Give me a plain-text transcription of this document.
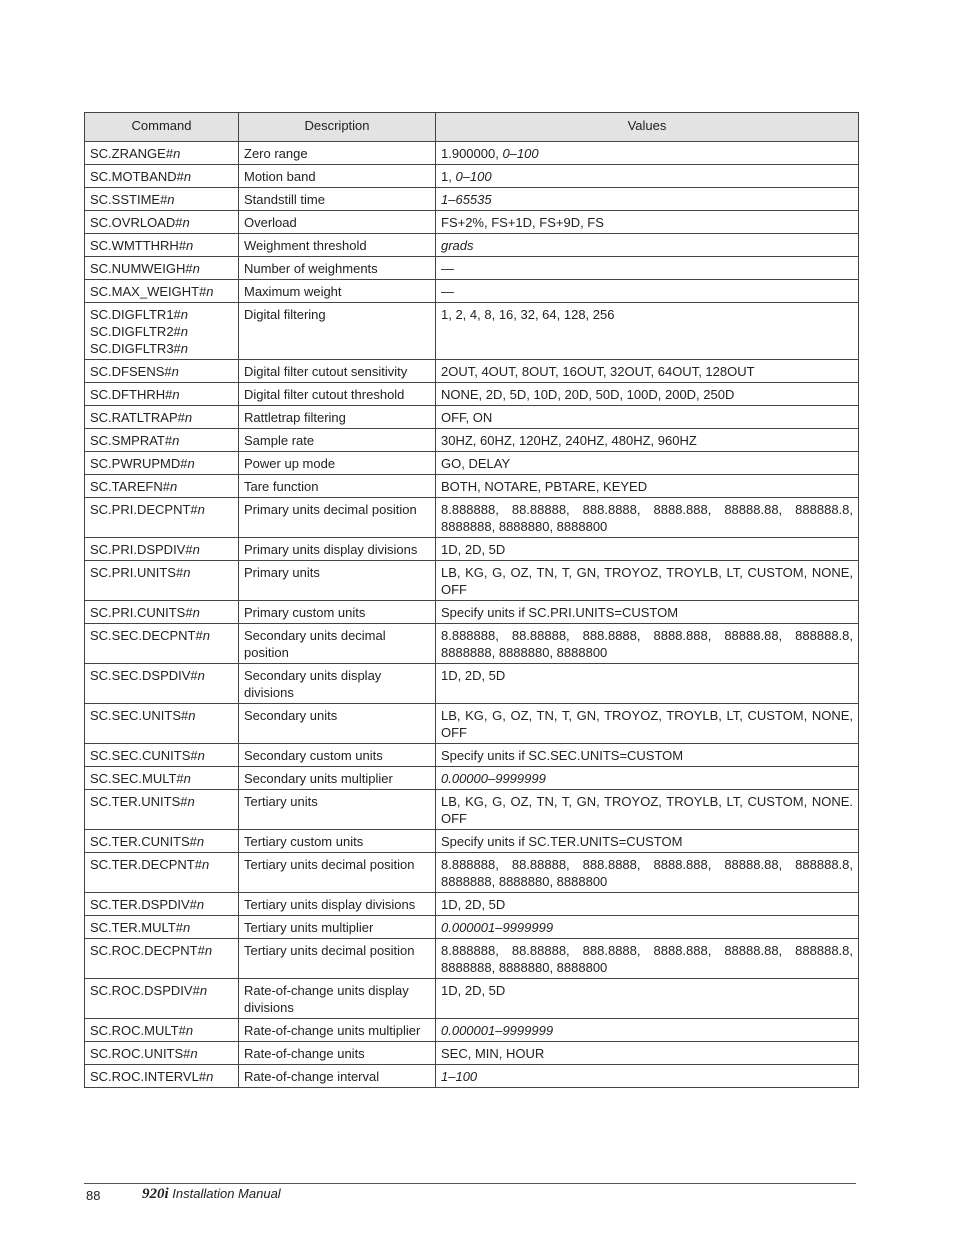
Command	Description	Values

SC.ZRANGE#n	Zero range	1.900000, 0–100

SC.MOTBAND#n	Motion band	1, 0–100

SC.SSTIME#n	Standstill time	1–65535

SC.OVRLOAD#n	Overload	FS+2%, FS+1D, FS+9D, FS

SC.WMTTHRH#n	Weighment threshold	grads

SC.NUMWEIGH#n	Number of weighments	—

SC.MAX_WEIGHT#n	Maximum weight	—

SC.DIGFLTR1#n
SC.DIGFLTR2#n
SC.DIGFLTR3#n	Digital filtering	1, 2, 4, 8, 16, 32, 64, 128, 256

SC.DFSENS#n	Digital filter cutout sensitivity	2OUT, 4OUT, 8OUT, 16OUT, 32OUT, 64OUT, 128OUT

SC.DFTHRH#n	Digital filter cutout threshold	NONE, 2D, 5D, 10D, 20D, 50D, 100D, 200D, 250D

SC.RATLTRAP#n	Rattletrap filtering	OFF, ON

SC.SMPRAT#n	Sample rate	30HZ, 60HZ, 120HZ, 240HZ, 480HZ, 960HZ

SC.PWRUPMD#n	Power up mode	GO, DELAY

SC.TAREFN#n	Tare function	BOTH, NOTARE, PBTARE, KEYED

SC.PRI.DECPNT#n	Primary units decimal position	8.888888, 88.88888, 888.8888, 8888.888, 88888.88, 888888.8, 8888888, 8888880, 8888800

SC.PRI.DSPDIV#n	Primary units display divisions	1D, 2D, 5D

SC.PRI.UNITS#n	Primary units	LB, KG, G, OZ, TN, T, GN, TROYOZ, TROYLB, LT, CUSTOM, NONE, OFF

SC.PRI.CUNITS#n	Primary custom units	Specify units if SC.PRI.UNITS=CUSTOM

SC.SEC.DECPNT#n	Secondary units decimal position	8.888888, 88.88888, 888.8888, 8888.888, 88888.88, 888888.8, 8888888, 8888880, 8888800

SC.SEC.DSPDIV#n	Secondary units display divisions	1D, 2D, 5D

SC.SEC.UNITS#n	Secondary units	LB, KG, G, OZ, TN, T, GN, TROYOZ, TROYLB, LT, CUSTOM, NONE, OFF

SC.SEC.CUNITS#n	Secondary custom units	Specify units if SC.SEC.UNITS=CUSTOM

SC.SEC.MULT#n	Secondary units multiplier	0.00000–9999999

SC.TER.UNITS#n	Tertiary units	LB, KG, G, OZ, TN, T, GN, TROYOZ, TROYLB, LT, CUSTOM, NONE. OFF

SC.TER.CUNITS#n	Tertiary custom units	Specify units if SC.TER.UNITS=CUSTOM

SC.TER.DECPNT#n	Tertiary units decimal position	8.888888, 88.88888, 888.8888, 8888.888, 88888.88, 888888.8, 8888888, 8888880, 8888800

SC.TER.DSPDIV#n	Tertiary units display divisions	1D, 2D, 5D

SC.TER.MULT#n	Tertiary units multiplier	0.000001–9999999

SC.ROC.DECPNT#n	Tertiary units decimal position	8.888888, 88.88888, 888.8888, 8888.888, 88888.88, 888888.8, 8888888, 8888880, 8888800

SC.ROC.DSPDIV#n	Rate-of-change units display divisions	1D, 2D, 5D

SC.ROC.MULT#n	Rate-of-change units multiplier	0.000001–9999999

SC.ROC.UNITS#n	Rate-of-change units	SEC, MIN, HOUR

SC.ROC.INTERVL#n	Rate-of-change interval	1–100
88	920i Installation Manual
